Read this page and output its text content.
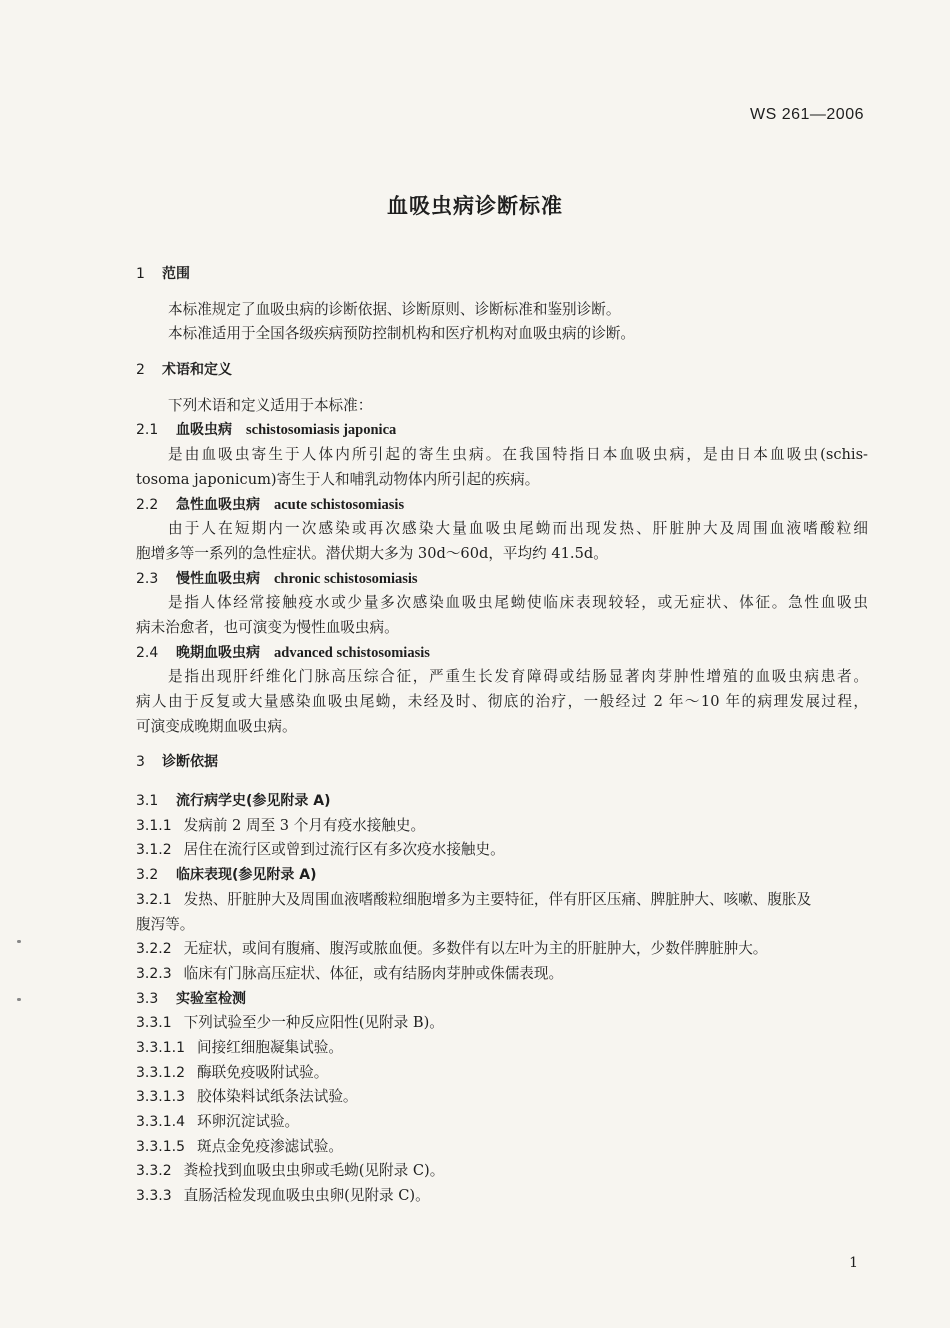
WS 261—2006
血吸虫病诊断标准
1 范围
本标准规定了血吸虫病的诊断依据、诊断原则、诊断标准和鉴别诊断。
本标准适用于全国各级疾病预防控制机构和医疗机构对血吸虫病的诊断。
2 术语和定义
下列术语和定义适用于本标准：
2.1 血吸虫病 schistosomiasis japonica
是由血吸虫寄生于人体内所引起的寄生虫病。在我国特指日本血吸虫病，是由日本血吸虫(schis-
tosoma japonicum)寄生于人和哺乳动物体内所引起的疾病。
2.2 急性血吸虫病 acute schistosomiasis
由于人在短期内一次感染或再次感染大量血吸虫尾蚴而出现发热、肝脏肿大及周围血液嗜酸粒细
胞增多等一系列的急性症状。潜伏期大多为 30d～60d，平均约 41.5d。
2.3 慢性血吸虫病 chronic schistosomiasis
是指人体经常接触疫水或少量多次感染血吸虫尾蚴使临床表现较轻，或无症状、体征。急性血吸虫
病未治愈者，也可演变为慢性血吸虫病。
2.4 晚期血吸虫病 advanced schistosomiasis
是指出现肝纤维化门脉高压综合征，严重生长发育障碍或结肠显著肉芽肿性增殖的血吸虫病患者。
病人由于反复或大量感染血吸虫尾蚴，未经及时、彻底的治疗，一般经过 2 年～10 年的病理发展过程，
可演变成晚期血吸虫病。
3 诊断依据
3.1 流行病学史(参见附录 A)
3.1.1 发病前 2 周至 3 个月有疫水接触史。
3.1.2 居住在流行区或曾到过流行区有多次疫水接触史。
3.2 临床表现(参见附录 A)
3.2.1 发热、肝脏肿大及周围血液嗜酸粒细胞增多为主要特征，伴有肝区压痛、脾脏肿大、咳嗽、腹胀及
腹泻等。
3.2.2 无症状，或间有腹痛、腹泻或脓血便。多数伴有以左叶为主的肝脏肿大，少数伴脾脏肿大。
3.2.3 临床有门脉高压症状、体征，或有结肠肉芽肿或侏儒表现。
3.3 实验室检测
3.3.1 下列试验至少一种反应阳性(见附录 B)。
3.3.1.1 间接红细胞凝集试验。
3.3.1.2 酶联免疫吸附试验。
3.3.1.3 胶体染料试纸条法试验。
3.3.1.4 环卵沉淀试验。
3.3.1.5 斑点金免疫渗滤试验。
3.3.2 粪检找到血吸虫虫卵或毛蚴(见附录 C)。
3.3.3 直肠活检发现血吸虫虫卵(见附录 C)。
1
